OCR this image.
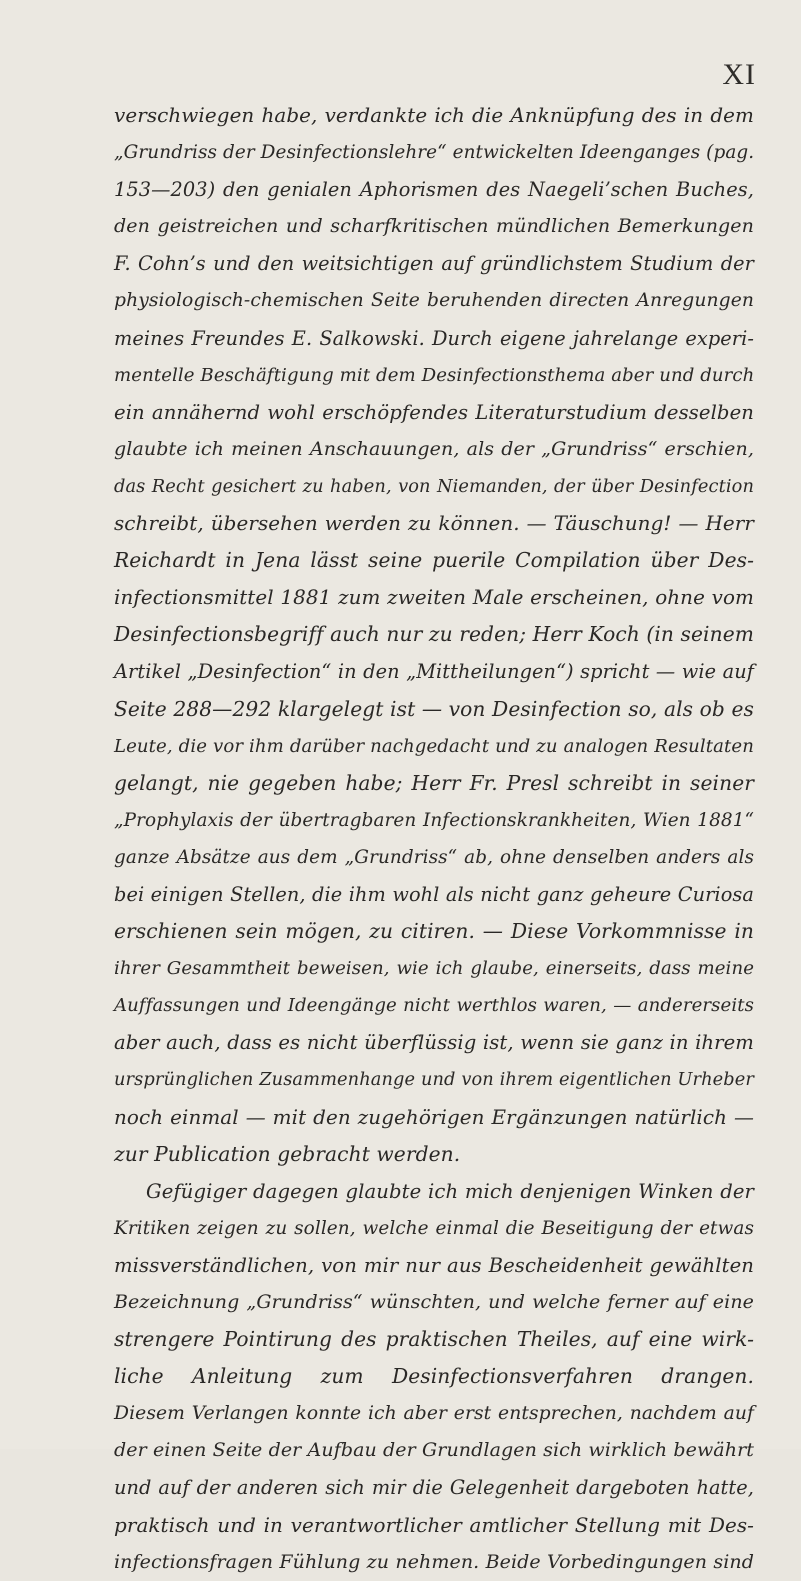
XI
verschwiegen habe, verdankte ich die Anknüpfung des in dem
„Grundriss der Desinfectionslehre“ entwickelten Ideenganges (pag.
153—203) den genialen Aphorismen des Naegeli’schen Buches,
den geistreichen und scharfkritischen mündlichen Bemerkungen
F. Cohn’s und den weitsichtigen auf gründlichstem Studium der
physiologisch-chemischen Seite beruhenden directen Anregungen
meines Freundes E. Salkowski. Durch eigene jahrelange experi-
mentelle Beschäftigung mit dem Desinfectionsthema aber und durch
ein annähernd wohl erschöpfendes Literaturstudium desselben
glaubte ich meinen Anschauungen, als der „Grundriss“ erschien,
das Recht gesichert zu haben, von Niemanden, der über Desinfection
schreibt, übersehen werden zu können. — Täuschung! — Herr
Reichardt in Jena lässt seine puerile Compilation über Des-
infectionsmittel 1881 zum zweiten Male erscheinen, ohne vom
Desinfectionsbegriff auch nur zu reden; Herr Koch (in seinem
Artikel „Desinfection“ in den „Mittheilungen“) spricht — wie auf
Seite 288—292 klargelegt ist — von Desinfection so, als ob es
Leute, die vor ihm darüber nachgedacht und zu analogen Resultaten
gelangt, nie gegeben habe; Herr Fr. Presl schreibt in seiner
„Prophylaxis der übertragbaren Infectionskrankheiten, Wien 1881“
ganze Absätze aus dem „Grundriss“ ab, ohne denselben anders als
bei einigen Stellen, die ihm wohl als nicht ganz geheure Curiosa
erschienen sein mögen, zu citiren. — Diese Vorkommnisse in
ihrer Gesammtheit beweisen, wie ich glaube, einerseits, dass meine
Auffassungen und Ideengänge nicht werthlos waren, — andererseits
aber auch, dass es nicht überflüssig ist, wenn sie ganz in ihrem
ursprünglichen Zusammenhange und von ihrem eigentlichen Urheber
noch einmal — mit den zugehörigen Ergänzungen natürlich —
zur Publication gebracht werden.
Gefügiger dagegen glaubte ich mich denjenigen Winken der
Kritiken zeigen zu sollen, welche einmal die Beseitigung der etwas
missverständlichen, von mir nur aus Bescheidenheit gewählten
Bezeichnung „Grundriss“ wünschten, und welche ferner auf eine
strengere Pointirung des praktischen Theiles, auf eine wirk-
liche Anleitung zum Desinfectionsverfahren drangen.
Diesem Verlangen konnte ich aber erst entsprechen, nachdem auf
der einen Seite der Aufbau der Grundlagen sich wirklich bewährt
und auf der anderen sich mir die Gelegenheit dargeboten hatte,
praktisch und in verantwortlicher amtlicher Stellung mit Des-
infectionsfragen Fühlung zu nehmen. Beide Vorbedingungen sind
